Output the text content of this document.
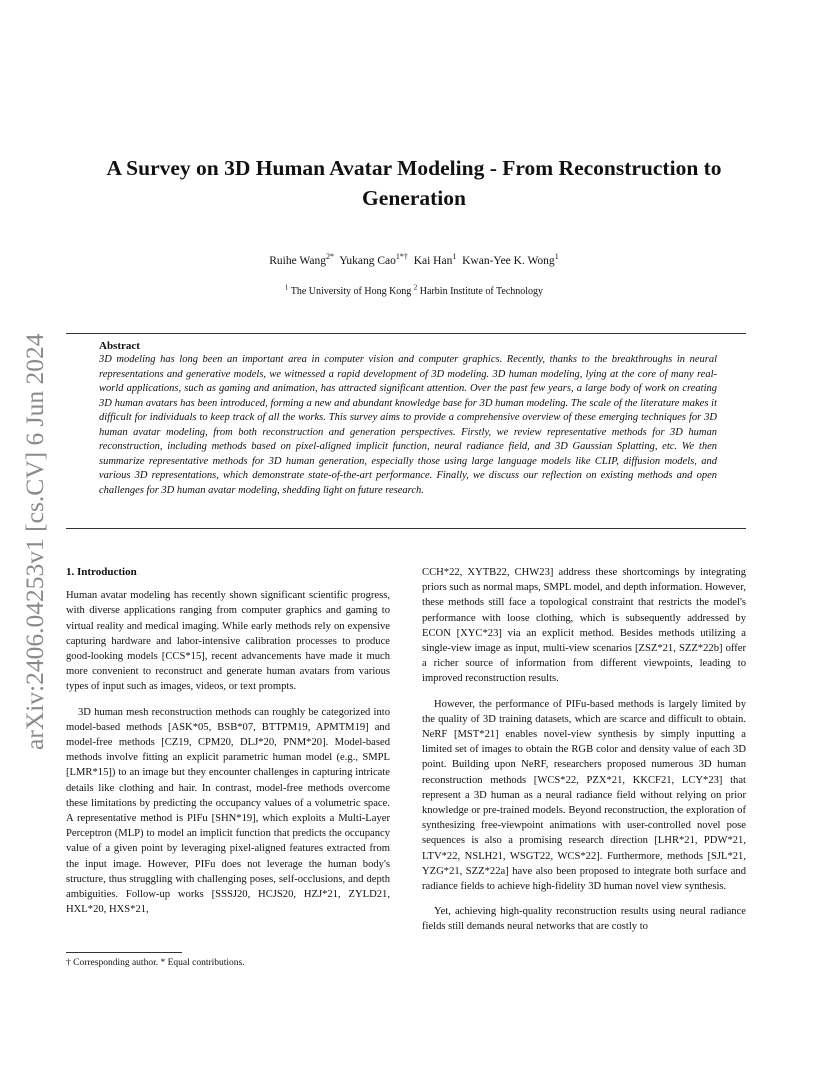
arXiv:2406.04253v1 [cs.CV] 6 Jun 2024
A Survey on 3D Human Avatar Modeling - From Reconstruction to
Generation
Ruihe Wang$^{2*}$ Yukang Cao$^{1*\dagger}$ Kai Han$^1$ Kwan-Yee K. Wong$^1$
$^1$ The University of Hong Kong $^2$ Harbin Institute of Technology
Abstract
3D modeling has long been an important area in computer vision and computer graphics. Recently, thanks to the breakthroughs in neural representations and generative models, we witnessed a rapid development of 3D modeling. 3D human modeling, lying at the core of many real-world applications, such as gaming and animation, has attracted significant attention. Over the past few years, a large body of work on creating 3D human avatars has been introduced, forming a new and abundant knowledge base for 3D human modeling. The scale of the literature makes it difficult for individuals to keep track of all the works. This survey aims to provide a comprehensive overview of these emerging techniques for 3D human avatar modeling, from both reconstruction and generation perspectives. Firstly, we review representative methods for 3D human reconstruction, including methods based on pixel-aligned implicit function, neural radiance field, and 3D Gaussian Splatting, etc. We then summarize representative methods for 3D human generation, especially those using large language models like CLIP, diffusion models, and various 3D representations, which demonstrate state-of-the-art performance. Finally, we discuss our reflection on existing methods and open challenges for 3D human avatar modeling, shedding light on future research.
1. Introduction

Human avatar modeling has recently shown significant scientific progress, with diverse applications ranging from computer graphics and gaming to virtual reality and medical imaging. While early methods rely on expensive capturing hardware and labor-intensive calibration processes to produce good-looking models [CCS*15], recent advancements have made it much more convenient to reconstruct and generate human avatars from various types of input such as images, videos, or text prompts.

3D human mesh reconstruction methods can roughly be categorized into model-based methods [ASK*05, BSB*07, BTTPM19, APMTM19] and model-free methods [CZ19, CPM20, DLJ*20, PNM*20]. Model-based methods involve fitting an explicit parametric human model (e.g., SMPL [LMR*15]) to an image but they encounter challenges in capturing intricate details like clothing and hair. In contrast, model-free methods overcome these limitations by predicting the occupancy values of a volumetric space. A representative method is PIFu [SHN*19], which exploits a Multi-Layer Perceptron (MLP) to model an implicit function that predicts the occupancy value of a given point by leveraging pixel-aligned features extracted from the input image. However, PIFu does not leverage the human body's structure, thus struggling with challenging poses, self-occlusions, and depth ambiguities. Follow-up works [SSSJ20, HCJS20, HZJ*21, ZYLD21, HXL*20, HXS*21,

CCH*22, XYTB22, CHW23] address these shortcomings by integrating priors such as normal maps, SMPL model, and depth information. However, these methods still face a topological constraint that restricts the model's performance with loose clothing, which is subsequently addressed by ECON [XYC*23] via an explicit method. Besides methods utilizing a single-view image as input, multi-view scenarios [ZSZ*21, SZZ*22b] offer a richer source of information from different viewpoints, leading to improved reconstruction results.

However, the performance of PIFu-based methods is largely limited by the quality of 3D training datasets, which are scarce and difficult to obtain. NeRF [MST*21] enables novel-view synthesis by simply inputting a limited set of images to obtain the RGB color and density value of each 3D point. Building upon NeRF, researchers proposed numerous 3D human reconstruction methods [WCS*22, PZX*21, KKCF21, LCY*23] that represent a 3D human as a neural radiance field without relying on prior knowledge or pre-trained models. Beyond reconstruction, the exploration of synthesizing free-viewpoint animations with user-controlled novel pose sequences is also a promising research direction [LHR*21, PDW*21, LTV*22, NSLH21, WSGT22, WCS*22]. Furthermore, methods [SJL*21, YZG*21, SZZ*22a] have also been proposed to integrate both surface and radiance fields to achieve high-fidelity 3D human novel view synthesis.

Yet, achieving high-quality reconstruction results using neural radiance fields still demands neural networks that are costly to

† Corresponding author. * Equal contributions.
